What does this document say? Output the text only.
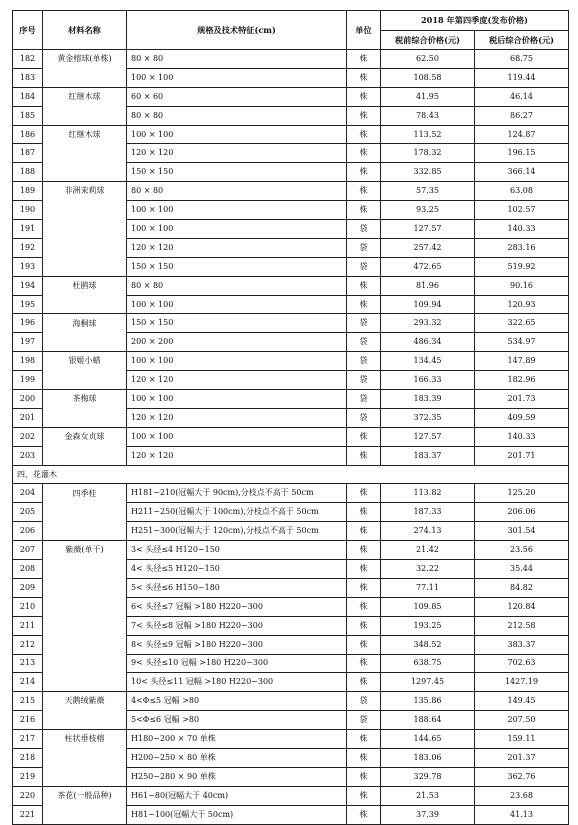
序号	材料名称	规格及技术特征(cm)	单位	2018 年第四季度(发布价格)	
				税前综合价格(元)	税后综合价格(元)
182	黄金榕球(单株)	80 × 80	株	62.50	68.75
183		100 × 100	株	108.58	119.44
184	红继木球	60 × 60	株	41.95	46.14
185		80 × 80	株	78.43	86.27
186	红继木球	100 × 100	株	113.52	124.87
187		120 × 120	株	178.32	196.15
188		150 × 150	株	332.85	366.14
189	非洲茉莉球	80 × 80	株	57.35	63.08
190		100 × 100	株	93.25	102.57
191		100 × 100	袋	127.57	140.33
192		120 × 120	袋	257.42	283.16
193		150 × 150	袋	472.65	519.92
194	杜鹃球	80 × 80	株	81.96	90.16
195		100 × 100	株	109.94	120.93
196	海桐球	150 × 150	袋	293.32	322.65
197		200 × 200	袋	486.34	534.97
198	银姬小蜡	100 × 100	袋	134.45	147.89
199		120 × 120	袋	166.33	182.96
200	茶梅球	100 × 100	袋	183.39	201.73
201		120 × 120	袋	372.35	409.59
202	金森女贞球	100 × 100	株	127.57	140.33
203		120 × 120	株	183.37	201.71
四、花灌木					
204	四季桂	H181~210(冠幅大于 90cm),分枝点不高于 50cm	株	113.82	125.20
205		H211~250(冠幅大于 100cm),分枝点不高于 50cm	株	187.33	206.06
206		H251~300(冠幅大于 120cm),分枝点不高于 50cm	株	274.13	301.54
207	紫薇(单干)	3< 头径≤4 H120~150	株	21.42	23.56
208		4< 头径≤5 H120~150	株	32.22	35.44
209		5< 头径≤6 H150~180	株	77.11	84.82
210		6< 头径≤7 冠幅 >180 H220~300	株	109.85	120.84
211		7< 头径≤8 冠幅 >180 H220~300	株	193.25	212.58
212		8< 头径≤9 冠幅 >180 H220~300	株	348.52	383.37
213		9< 头径≤10 冠幅 >180 H220~300	株	638.75	702.63
214		10< 头径≤11 冠幅 >180 H220~300	株	1297.45	1427.19
215	天鹅绒紫薇	4<Φ≤5 冠幅 >80	袋	135.86	149.45
216		5<Φ≤6 冠幅 >80	袋	188.64	207.50
217	柱状垂枝榕	H180~200 × 70 单株	株	144.65	159.11
218		H200~250 × 80 单株	株	183.06	201.37
219		H250~280 × 90 单株	株	329.78	362.76
220	茶花(一般品种)	H61~80(冠幅大于 40cm)	株	21.53	23.68
221		H81~100(冠幅大于 50cm)	株	37.39	41.13
